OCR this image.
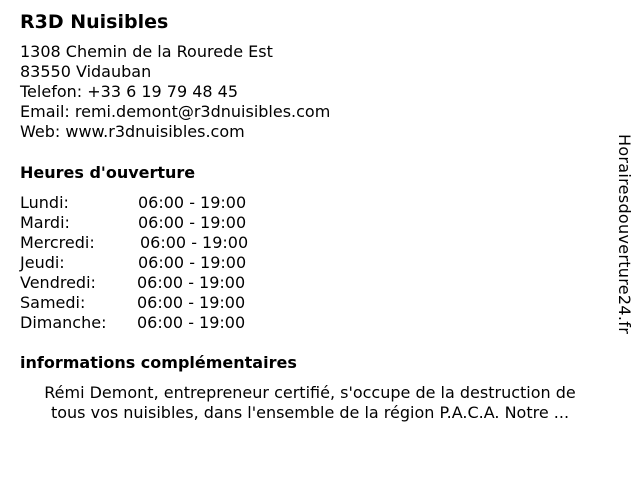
R3D Nuisibles
1308 Chemin de la Rourede Est
83550 Vidauban
Telefon: +33 6 19 79 48 45
Email: remi.demont@r3dnuisibles.com
Web: www.r3dnuisibles.com
Heures d'ouverture
Lundi:	06:00 - 19:00
Mardi:	06:00 - 19:00
Mercredi:	06:00 - 19:00
Jeudi:	06:00 - 19:00
Vendredi:	06:00 - 19:00
Samedi:	06:00 - 19:00
Dimanche: 06:00 - 19:00
informations complémentaires
Rémi Demont, entrepreneur certifié, s'occupe de la destruction de
tous vos nuisibles, dans l'ensemble de la région P.A.C.A. Notre ...
Horairesdouverture24.fr
